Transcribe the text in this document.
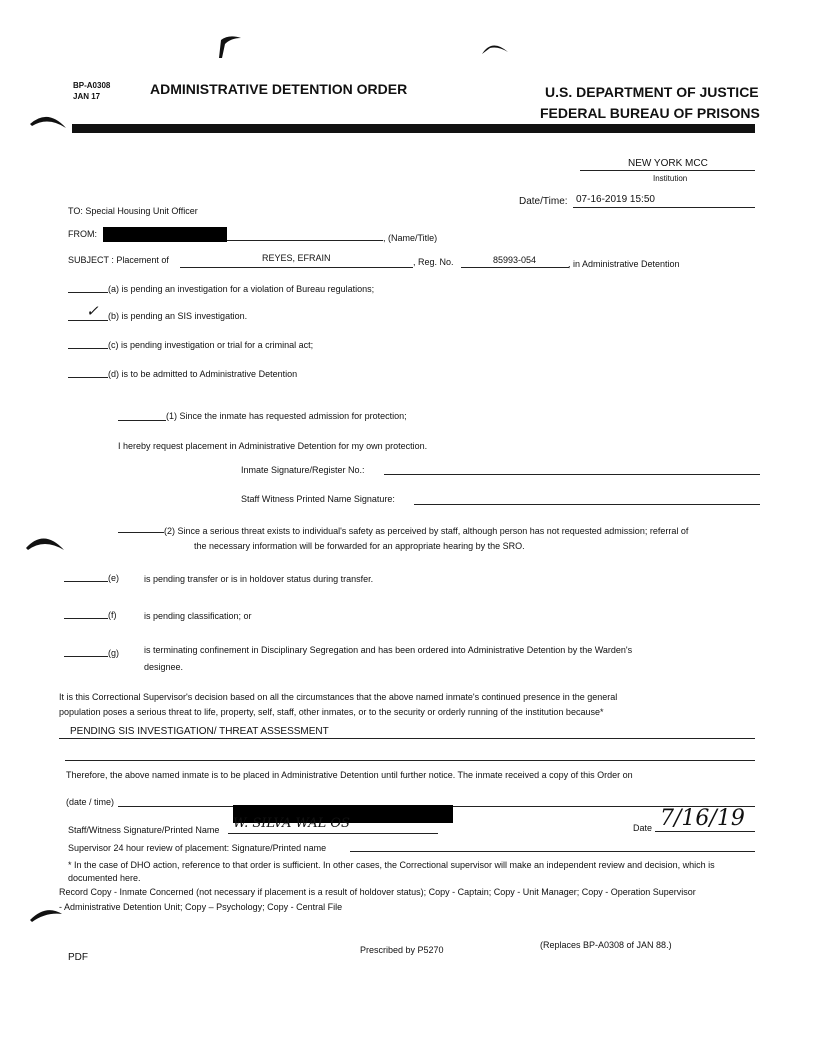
BP-A0308
JAN 17	ADMINISTRATIVE DETENTION ORDER	U.S. DEPARTMENT OF JUSTICE
FEDERAL BUREAU OF PRISONS
NEW YORK MCC
Institution
Date/Time: 07-16-2019 15:50
TO: Special Housing Unit Officer
FROM:	, (Name/Title)
SUBJECT : Placement of	REYES, EFRAIN	, Reg. No.	85993-054	, in Administrative Detention
(a) is pending an investigation for a violation of Bureau regulations;
✓ (b) is pending an SIS investigation.
(c) is pending investigation or trial for a criminal act;
(d) is to be admitted to Administrative Detention
(1) Since the inmate has requested admission for protection;
I hereby request placement in Administrative Detention for my own protection.
Inmate Signature/Register No.:
Staff Witness Printed Name Signature:
(2) Since a serious threat exists to individual's safety as perceived by staff, although person has not requested admission; referral of
the necessary information will be forwarded for an appropriate hearing by the SRO.
(e)	is pending transfer or is in holdover status during transfer.
(f)	is pending classification; or
(g)	is terminating confinement in Disciplinary Segregation and has been ordered into Administrative Detention by the Warden's
designee.
It is this Correctional Supervisor's decision based on all the circumstances that the above named inmate's continued presence in the general
population poses a serious threat to life, property, self, staff, other inmates, or to the security or orderly running of the institution because*
PENDING SIS INVESTIGATION/ THREAT ASSESSMENT
Therefore, the above named inmate is to be placed in Administrative Detention until further notice. The inmate received a copy of this Order on
(date / time)
Staff/Witness Signature/Printed Name W. SILVA WAL OS	Date 7/16/19
Supervisor 24 hour review of placement: Signature/Printed name
* In the case of DHO action, reference to that order is sufficient. In other cases, the Correctional supervisor will make an independent review and decision, which is
documented here.
Record Copy - Inmate Concerned (not necessary if placement is a result of holdover status); Copy - Captain; Copy - Unit Manager; Copy - Operation Supervisor
- Administrative Detention Unit; Copy – Psychology; Copy - Central File
PDF
Prescribed by P5270	(Replaces BP-A0308 of JAN 88.)
